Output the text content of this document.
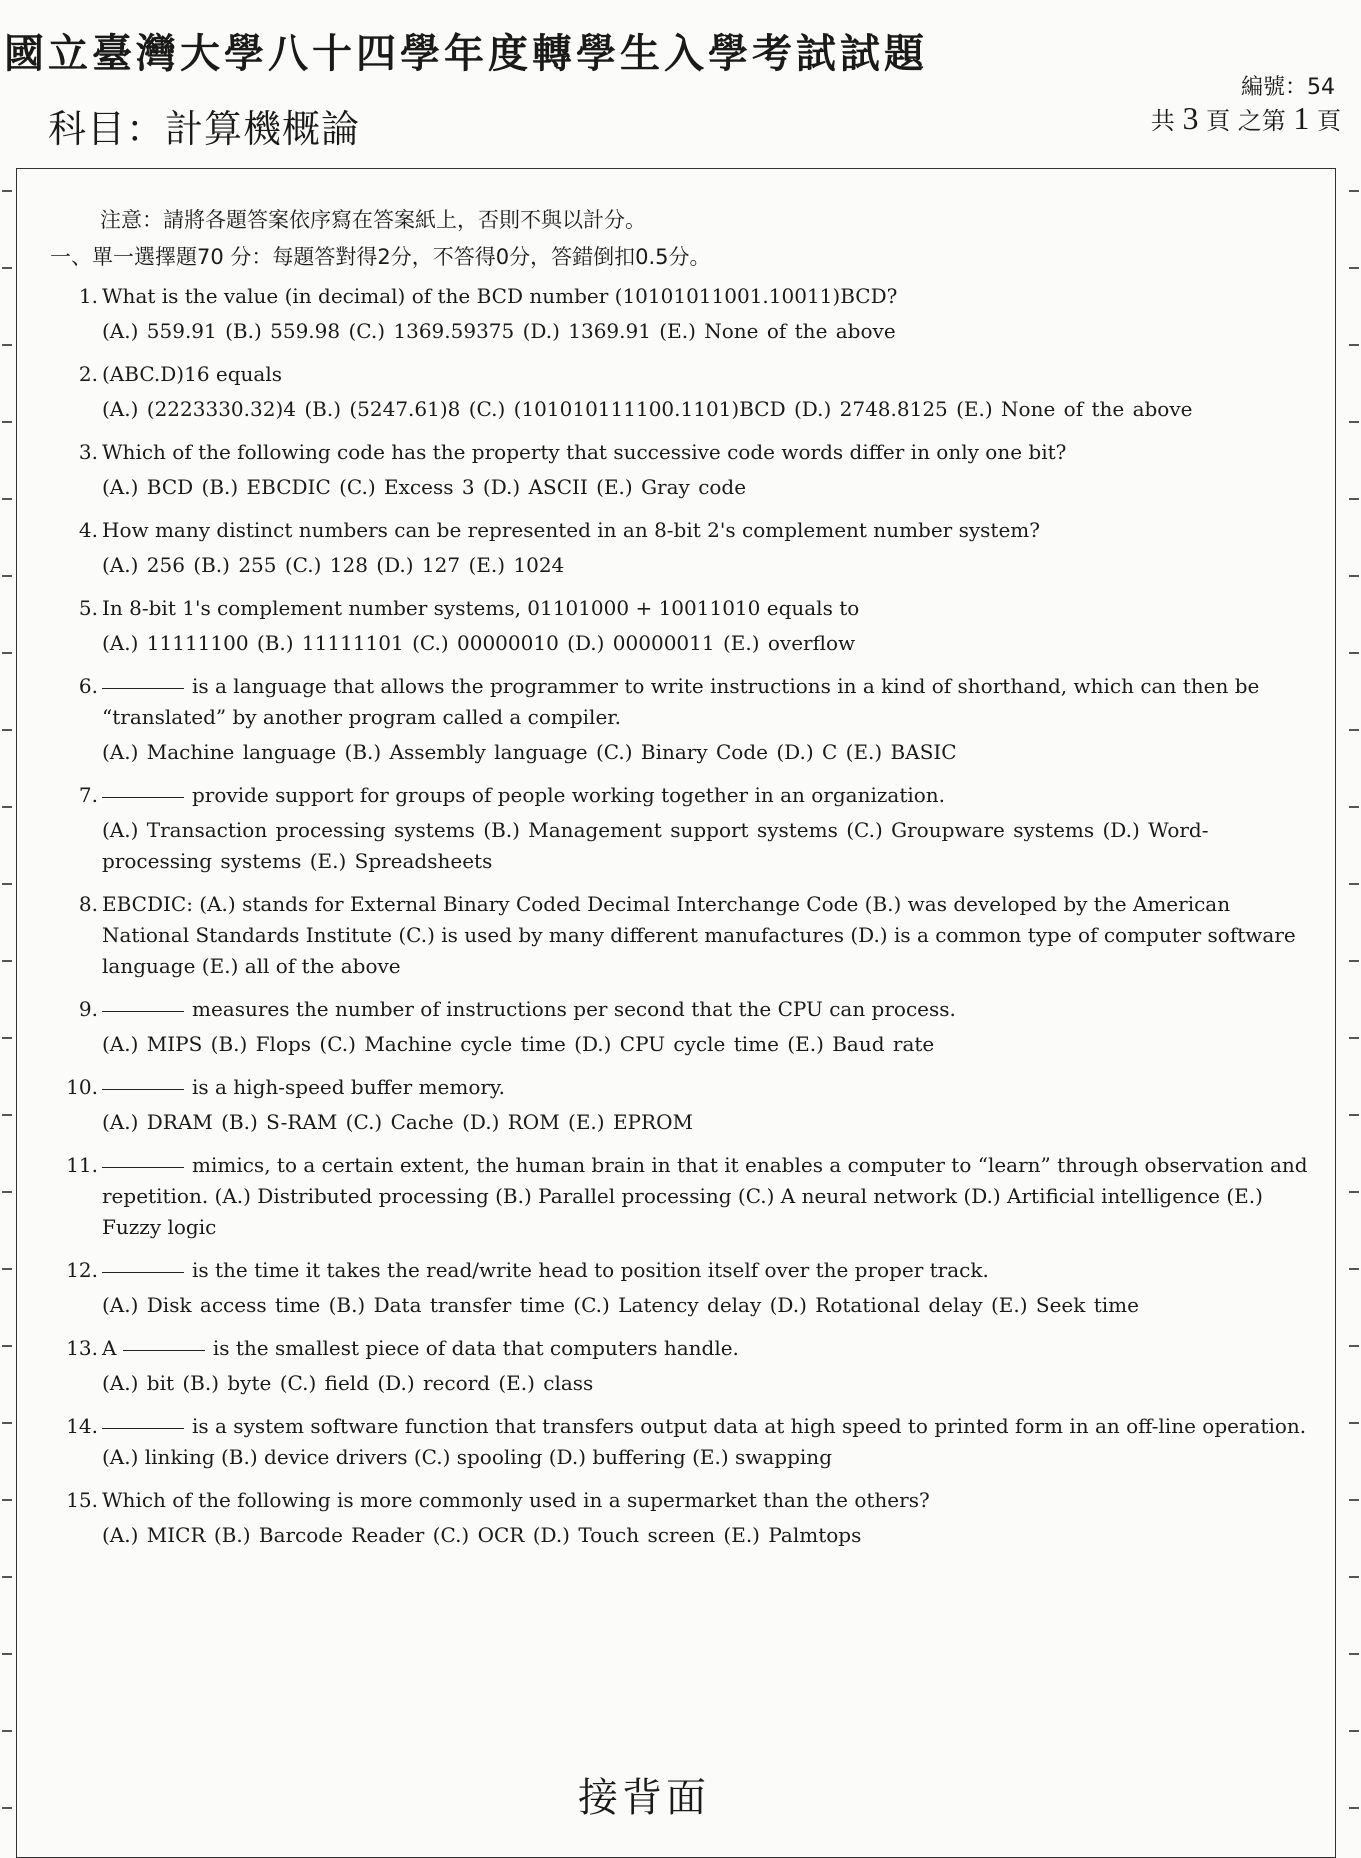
國立臺灣大學八十四學年度轉學生入學考試試題
編號：54
共 3 頁 之第 1 頁
科目：計算機概論
注意：請將各題答案依序寫在答案紙上，否則不與以計分。
一、單一選擇題70 分：每題答對得2分，不答得0分，答錯倒扣0.5分。
1. What is the value (in decimal) of the BCD number (10101011001.10011)BCD?

(A.) 559.91 (B.) 559.98 (C.) 1369.59375 (D.) 1369.91 (E.) None of the above

2. (ABC.D)16 equals

(A.) (2223330.32)4 (B.) (5247.61)8 (C.) (101010111100.1101)BCD (D.) 2748.8125 (E.) None of the above

3. Which of the following code has the property that successive code words differ in only one bit?

(A.) BCD (B.) EBCDIC (C.) Excess 3 (D.) ASCII (E.) Gray code

4. How many distinct numbers can be represented in an 8-bit 2's complement number system?

(A.) 256 (B.) 255 (C.) 128 (D.) 127 (E.) 1024

5. In 8-bit 1's complement number systems, 01101000 + 10011010 equals to

(A.) 11111100 (B.) 11111101 (C.) 00000010 (D.) 00000011 (E.) overflow

6.	is a language that allows the programmer to write instructions in a kind of shorthand, which can then be “translated” by another program called a compiler.

(A.) Machine language (B.) Assembly language (C.) Binary Code (D.) C (E.) BASIC

7.	provide support for groups of people working together in an organization.

(A.) Transaction processing systems (B.) Management support systems (C.) Groupware systems (D.) Word-processing systems (E.) Spreadsheets

8. EBCDIC: (A.) stands for External Binary Coded Decimal Interchange Code (B.) was developed by the American National Standards Institute (C.) is used by many different manufactures (D.) is a common type of computer software language (E.) all of the above

9.	measures the number of instructions per second that the CPU can process.

(A.) MIPS (B.) Flops (C.) Machine cycle time (D.) CPU cycle time (E.) Baud rate

10.	is a high-speed buffer memory.

(A.) DRAM (B.) S-RAM (C.) Cache (D.) ROM (E.) EPROM

11.	mimics, to a certain extent, the human brain in that it enables a computer to “learn” through observation and repetition. (A.) Distributed processing (B.) Parallel processing (C.) A neural network (D.) Artificial intelligence (E.) Fuzzy logic

12.	is the time it takes the read/write head to position itself over the proper track.

(A.) Disk access time (B.) Data transfer time (C.) Latency delay (D.) Rotational delay (E.) Seek time

13. A	is the smallest piece of data that computers handle.

(A.) bit (B.) byte (C.) field (D.) record (E.) class

14.	is a system software function that transfers output data at high speed to printed form in an off-line operation. (A.) linking (B.) device drivers (C.) spooling (D.) buffering (E.) swapping

15. Which of the following is more commonly used in a supermarket than the others?

(A.) MICR (B.) Barcode Reader (C.) OCR (D.) Touch screen (E.) Palmtops

接背面
